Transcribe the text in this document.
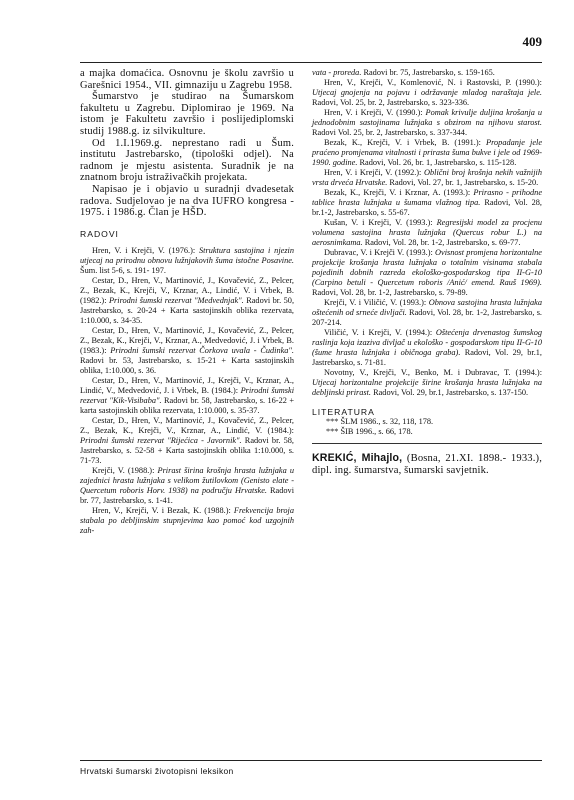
409

a majka domaćica. Osnovnu je školu završio u Garešnici 1954., VII. gimnaziju u Zagrebu 1958.

Šumarstvo je studirao na Šumarskom fakultetu u Zagrebu. Diplomirao je 1969. Na istom je Fakultetu završio i poslijediplomski studij 1988.g. iz silvikulture.

Od 1.I.1969.g. neprestano radi u Šum. institutu Jastrebarsko, (tipološki odjel). Na radnom je mjestu asistenta. Suradnik je na znatnom broju istraživačkih projekata.

Napisao je i objavio u suradnji dvadesetak radova. Sudjelovao je na dva IUFRO kongresa - 1975. i 1986.g. Član je HŠD.

RADOVI

Hren, V. i Krejči, V. (1976.): Struktura sastojina i njezin utjecaj na prirodnu obnovu lužnjakovih šuma istočne Posavine. Šum. list 5-6, s. 191- 197.

Cestar, D., Hren, V., Martinović, J., Kovačević, Z., Pelcer, Z., Bezak, K., Krejči, V., Krznar, A., Lindić, V. i Vrbek, B. (1982.): Prirodni šumski rezervat "Medvednjak". Radovi br. 50, Jastrebarsko, s. 20-24 + Karta sastojinskih oblika rezervata, 1:10.000, s. 34-35.

Cestar, D., Hren, V., Martinović, J., Kovačević, Z., Pelcer, Z., Bezak, K., Krejči, V., Krznar, A., Medvedović, J. i Vrbek, B. (1983.): Prirodni šumski rezervat Čorkova uvala - Čudinka". Radovi br. 53, Jastrebarsko, s. 15-21 + Karta sastojinskih oblika, 1:10.000, s. 36.

Cestar, D., Hren, V., Martinović, J., Krejči, V., Krznar, A., Lindić, V., Medvedović, J. i Vrbek, B. (1984.): Prirodni šumski rezervat "Kik-Visibaba". Radovi br. 58, Jastrebarsko, s. 16-22 + karta sastojinskih oblika rezervata, 1:10.000, s. 35-37.

Cestar, D., Hren, V., Martinović, J., Kovačević, Z., Pelcer, Z., Bezak, K., Krejči, V., Krznar, A., Lindić, V. (1984.): Prirodni šumski rezervat "Rijećica - Javornik". Radovi br. 58, Jastrebarsko, s. 52-58 + Karta sastojinskih oblika 1:10.000, s. 71-73.

Krejči, V. (1988.): Prirast širina krošnja hrasta lužnjaka u zajednici hrasta lužnjaka s velikom žutilovkom (Genisto elate - Quercetum roboris Horv. 1938) na području Hrvatske. Radovi br. 77, Jastrebarsko, s. 1-41.

Hren, V., Krejči, V. i Bezak, K. (1988.): Frekvencija broja stabala po debljinskim stupnjevima kao pomoć kod uzgojnih zah-

vata - proreda. Radovi br. 75, Jastrebarsko, s. 159-165.

Hren, V., Krejči, V., Komlenović, N. i Rastovski, P. (1990.): Utjecaj gnojenja na pojavu i održavanje mladog naraštaja jele. Radovi, Vol. 25, br. 2, Jastrebarsko, s. 323-336.

Hren, V. i Krejči, V. (1990.): Pomak krivulje duljina krošanja u jednodobnim sastojinama lužnjaka s obzirom na njihovu starost. Radovi Vol. 25, br. 2, Jastrebarsko, s. 337-344.

Bezak, K., Krejči, V. i Vrbek, B. (1991.): Propadanje jele praćeno promjenama vitalnosti i prirasta šuma bukve i jele od 1969-1990. godine. Radovi, Vol. 26, br. 1, Jastrebarsko, s. 115-128.

Hren, V. i Krejči, V. (1992.): Oblični broj krošnja nekih važnijih vrsta drveća Hrvatske. Radovi, Vol. 27, br. 1, Jastrebarsko, s. 15-20.

Bezak, K., Krejči, V. i Krznar, A. (1993.): Prirasno - prihodne tablice hrasta lužnjaka u šumama vlažnog tipa. Radovi, Vol. 28, br.1-2, Jastrebarsko, s. 55-67.

Kušan, V. i Krejči, V. (1993.): Regresijski model za procjenu volumena sastojina hrasta lužnjaka (Quercus robur L.) na aerosnimkama. Radovi, Vol. 28, br. 1-2, Jastrebarsko, s. 69-77.

Dubravac, V. i Krejči V. (1993.): Ovisnost promjena horizontalne projekcije krošanja hrasta lužnjaka o totalnim visinama stabala pojedinih dobnih razreda ekološko-gospodarskog tipa II-G-10 (Carpino betuli - Quercetum roboris /Anić/ emend. Rauš 1969). Radovi, Vol. 28, br. 1-2, Jastrebarsko, s. 79-89.

Krejči, V. i Viličić, V. (1993.): Obnova sastojina hrasta lužnjaka oštećenih od srneće divljači. Radovi, Vol. 28, br. 1-2, Jastrebarsko, s. 207-214.

Viličić, V. i Krejči, V. (1994.): Oštećenja drvenastog šumskog raslinja koja izaziva divljač u ekološko - gospodarskom tipu II-G-10 (šume hrasta lužnjaka i običnoga graba). Radovi, Vol. 29, br.1, Jastrebarsko, s. 71-81.

Novotny, V., Krejči, V., Benko, M. i Dubravac, T. (1994.): Utjecaj horizontalne projekcije širine krošanja hrasta lužnjaka na debljinski prirast. Radovi, Vol. 29, br.1, Jastrebarsko, s. 137-150.

LITERATURA

*** ŠLM 1986., s. 32, 118, 178.

*** ŠIB 1996., s. 66, 178.

KREKIĆ, Mihajlo, (Bosna, 21.XI. 1898.- 1933.), dipl. ing. šumarstva, šumarski savjetnik.
Hrvatski šumarski životopisni leksikon
